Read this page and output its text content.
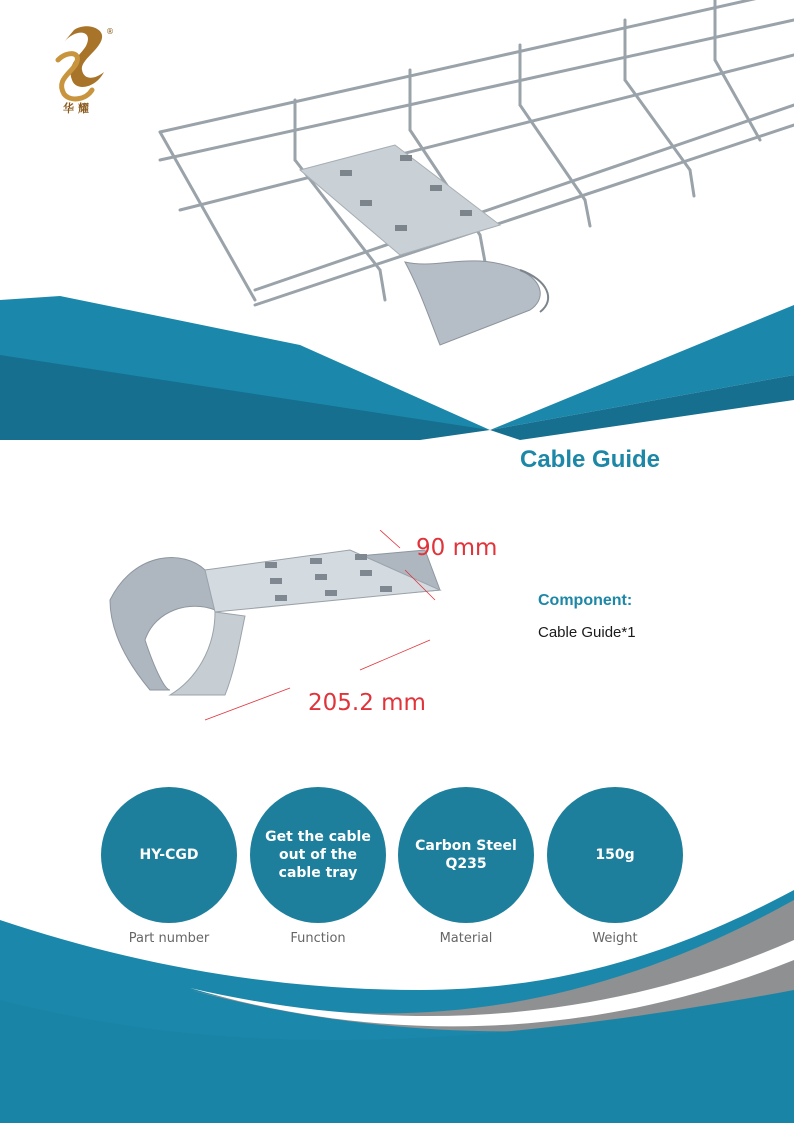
®
华耀
Cable Guide
90 mm
205.2 mm
Component:
Cable Guide*1
HY-CGD
Part number
Get the cable out of the cable tray
Function
Carbon Steel Q235
Material
150g
Weight
